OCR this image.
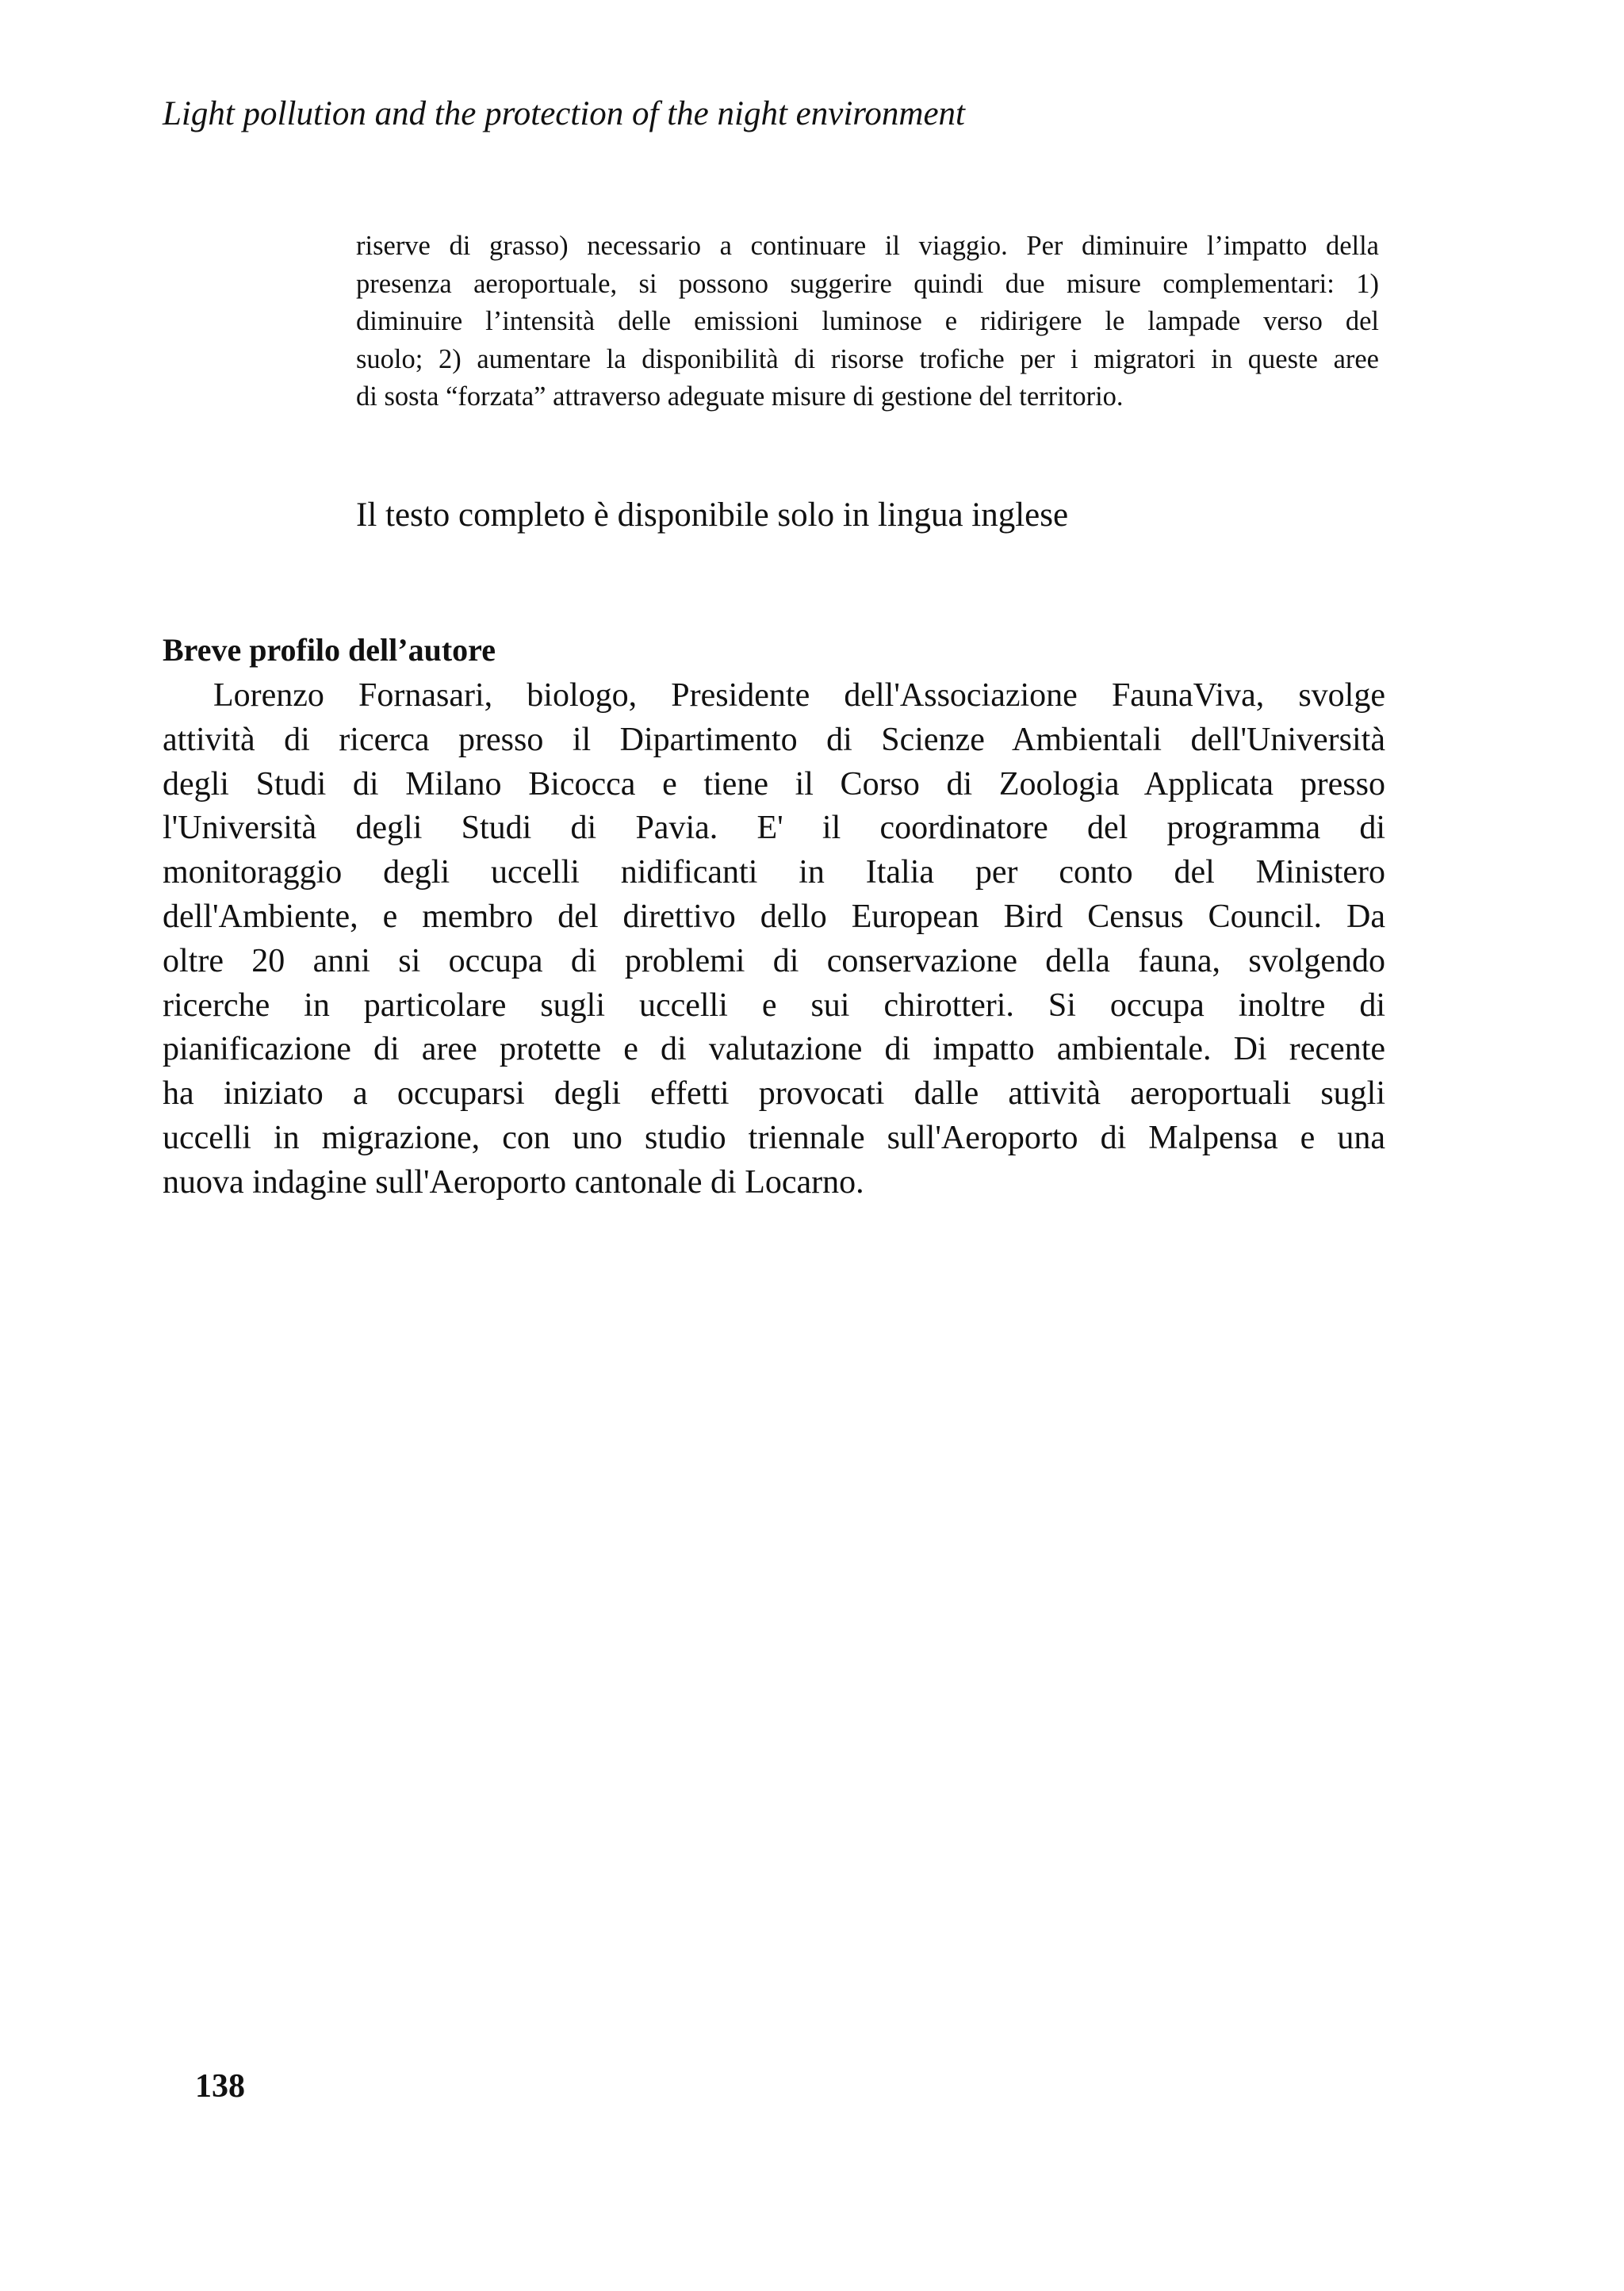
Light pollution and the protection of the night environment
riserve di grasso) necessario a continuare il viaggio. Per diminuire l’impatto della
presenza aeroportuale, si possono suggerire quindi due misure complementari: 1)
diminuire l’intensità delle emissioni luminose e ridirigere le lampade verso del
suolo; 2) aumentare la disponibilità di risorse trofiche per i migratori in queste aree
di sosta “forzata” attraverso adeguate misure di gestione del territorio.
Il testo completo è disponibile solo in lingua inglese
Breve profilo dell’autore
Lorenzo Fornasari, biologo, Presidente dell'Associazione FaunaViva, svolge
attività di ricerca presso il Dipartimento di Scienze Ambientali dell'Università
degli Studi di Milano Bicocca e tiene il Corso di Zoologia Applicata presso
l'Università degli Studi di Pavia. E' il coordinatore del programma di
monitoraggio degli uccelli nidificanti in Italia per conto del Ministero
dell'Ambiente, e membro del direttivo dello European Bird Census Council. Da
oltre 20 anni si occupa di problemi di conservazione della fauna, svolgendo
ricerche in particolare sugli uccelli e sui chirotteri. Si occupa inoltre di
pianificazione di aree protette e di valutazione di impatto ambientale. Di recente
ha iniziato a occuparsi degli effetti provocati dalle attività aeroportuali sugli
uccelli in migrazione, con uno studio triennale sull'Aeroporto di Malpensa e una
nuova indagine sull'Aeroporto cantonale di Locarno.
138
